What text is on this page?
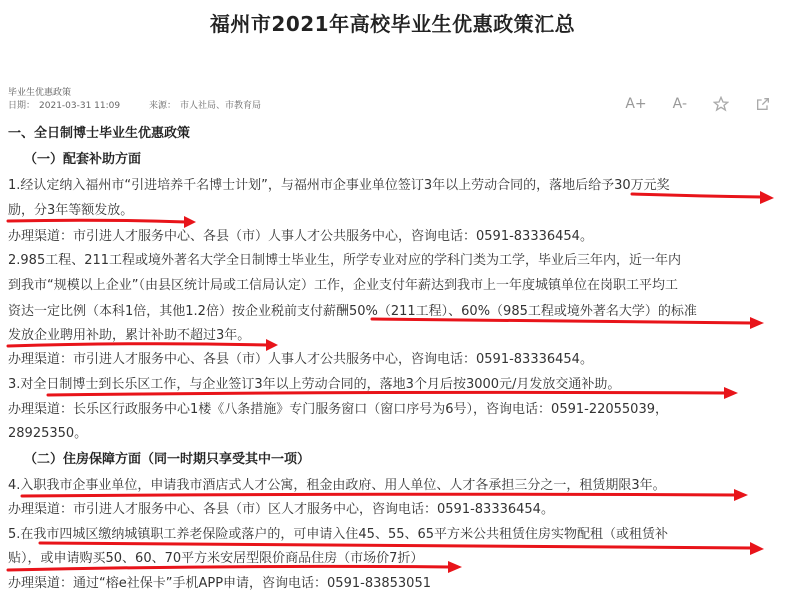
福州市2021年高校毕业生优惠政策汇总
毕业生优惠政策
日期： 2021-03-31 11:09	来源： 市人社局、市教育局	A+ A-
一、全日制博士毕业生优惠政策
（一）配套补助方面
1.经认定纳入福州市“引进培养千名博士计划”，与福州市企事业单位签订3年以上劳动合同的，落地后给予30万元奖
励，分3年等额发放。
办理渠道：市引进人才服务中心、各县（市）人事人才公共服务中心，咨询电话：0591-83336454。
2.985工程、211工程或境外著名大学全日制博士毕业生，所学专业对应的学科门类为工学，毕业后三年内，近一年内
到我市“规模以上企业”（由县区统计局或工信局认定）工作，企业支付年薪达到我市上一年度城镇单位在岗职工平均工
资达一定比例（本科1倍，其他1.2倍）按企业税前支付薪酬50%（211工程）、60%（985工程或境外著名大学）的标准
发放企业聘用补助，累计补助不超过3年。
办理渠道：市引进人才服务中心、各县（市）人事人才公共服务中心，咨询电话：0591-83336454。
3.对全日制博士到长乐区工作，与企业签订3年以上劳动合同的，落地3个月后按3000元/月发放交通补助。
办理渠道：长乐区行政服务中心1楼《八条措施》专门服务窗口（窗口序号为6号），咨询电话：0591-22055039，
28925350。
（二）住房保障方面（同一时期只享受其中一项）
4.入职我市企事业单位，申请我市酒店式人才公寓，租金由政府、用人单位、人才各承担三分之一，租赁期限3年。
办理渠道：市引进人才服务中心、各县（市）区人才服务中心，咨询电话：0591-83336454。
5.在我市四城区缴纳城镇职工养老保险或落户的，可申请入住45、55、65平方米公共租赁住房实物配租（或租赁补
贴），或申请购买50、60、70平方米安居型限价商品住房（市场价7折）
办理渠道：通过“榕e社保卡”手机APP申请，咨询电话：0591-83853051
